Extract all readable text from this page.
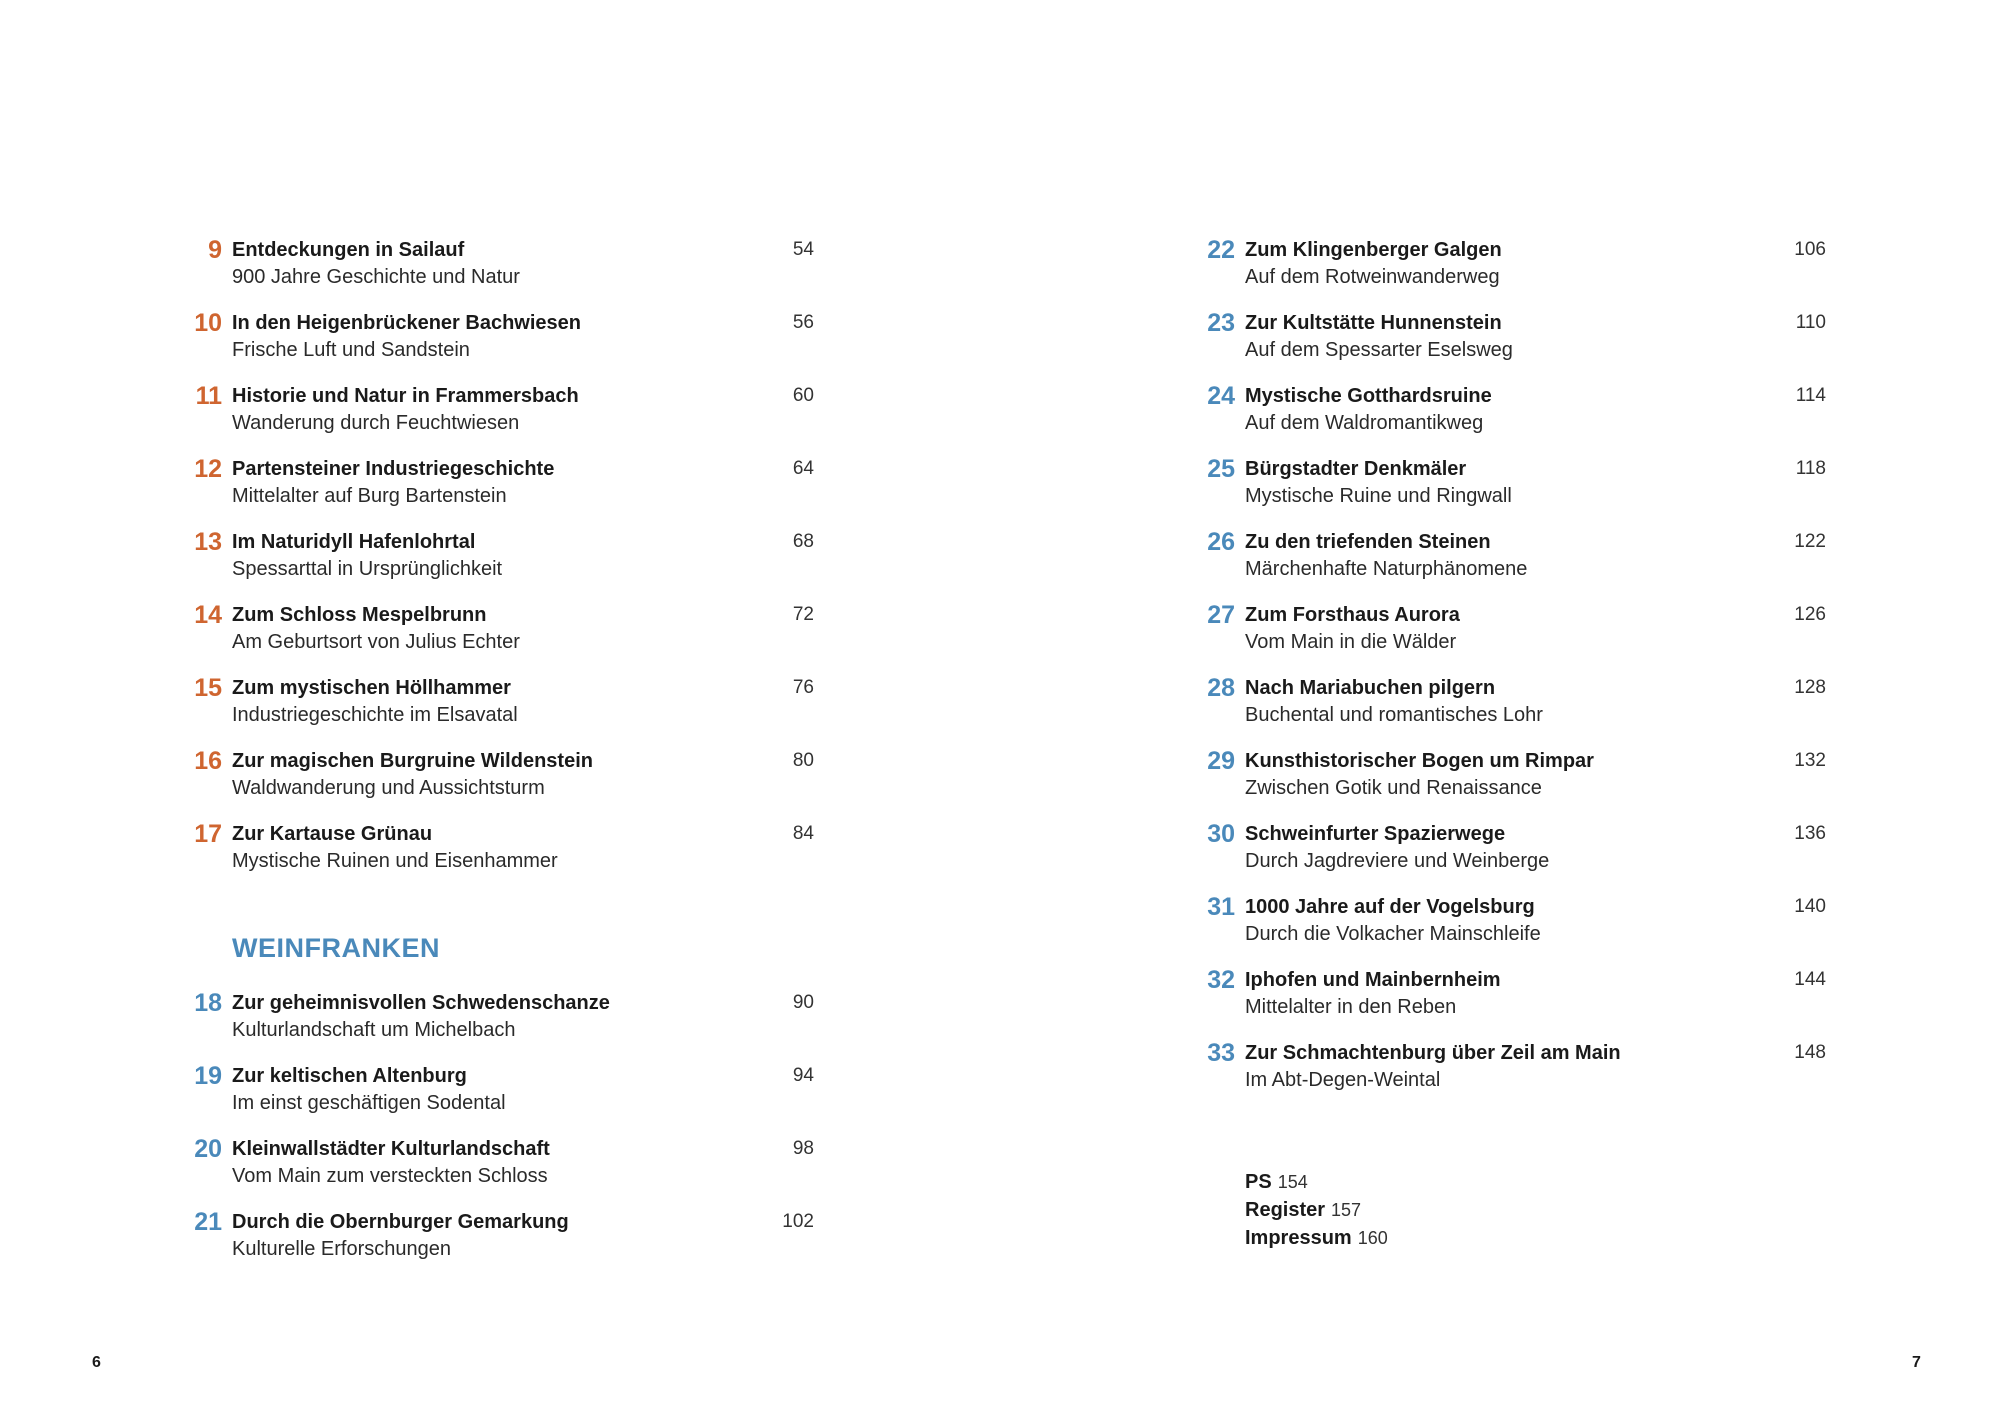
9 Entdeckungen in Sailauf
900 Jahre Geschichte und Natur
54
10 In den Heigenbrückener Bachwiesen
Frische Luft und Sandstein
56
11 Historie und Natur in Frammersbach
Wanderung durch Feuchtwiesen
60
12 Partensteiner Industriegeschichte
Mittelalter auf Burg Bartenstein
64
13 Im Naturidyll Hafenlohrtal
Spessarttal in Ursprünglichkeit
68
14 Zum Schloss Mespelbrunn
Am Geburtsort von Julius Echter
72
15 Zum mystischen Höllhammer
Industriegeschichte im Elsavatal
76
16 Zur magischen Burgruine Wildenstein
Waldwanderung und Aussichtsturm
80
17 Zur Kartause Grünau
Mystische Ruinen und Eisenhammer
84
WEINFRANKEN
18 Zur geheimnisvollen Schwedenschanze
Kulturlandschaft um Michelbach
90
19 Zur keltischen Altenburg
Im einst geschäftigen Sodental
94
20 Kleinwallstädter Kulturlandschaft
Vom Main zum versteckten Schloss
98
21 Durch die Obernburger Gemarkung
Kulturelle Erforschungen
102
22 Zum Klingenberger Galgen
Auf dem Rotweinwanderweg
106
23 Zur Kultstätte Hunnenstein
Auf dem Spessarter Eselsweg
110
24 Mystische Gotthardsruine
Auf dem Waldromantikweg
114
25 Bürgstadter Denkmäler
Mystische Ruine und Ringwall
118
26 Zu den triefenden Steinen
Märchenhafte Naturphänomene
122
27 Zum Forsthaus Aurora
Vom Main in die Wälder
126
28 Nach Mariabuchen pilgern
Buchental und romantisches Lohr
128
29 Kunsthistorischer Bogen um Rimpar
Zwischen Gotik und Renaissance
132
30 Schweinfurter Spazierwege
Durch Jagdreviere und Weinberge
136
31 1000 Jahre auf der Vogelsburg
Durch die Volkacher Mainschleife
140
32 Iphofen und Mainbernheim
Mittelalter in den Reben
144
33 Zur Schmachtenburg über Zeil am Main
Im Abt-Degen-Weintal
148
PS 154
Register 157
Impressum 160
6	7
